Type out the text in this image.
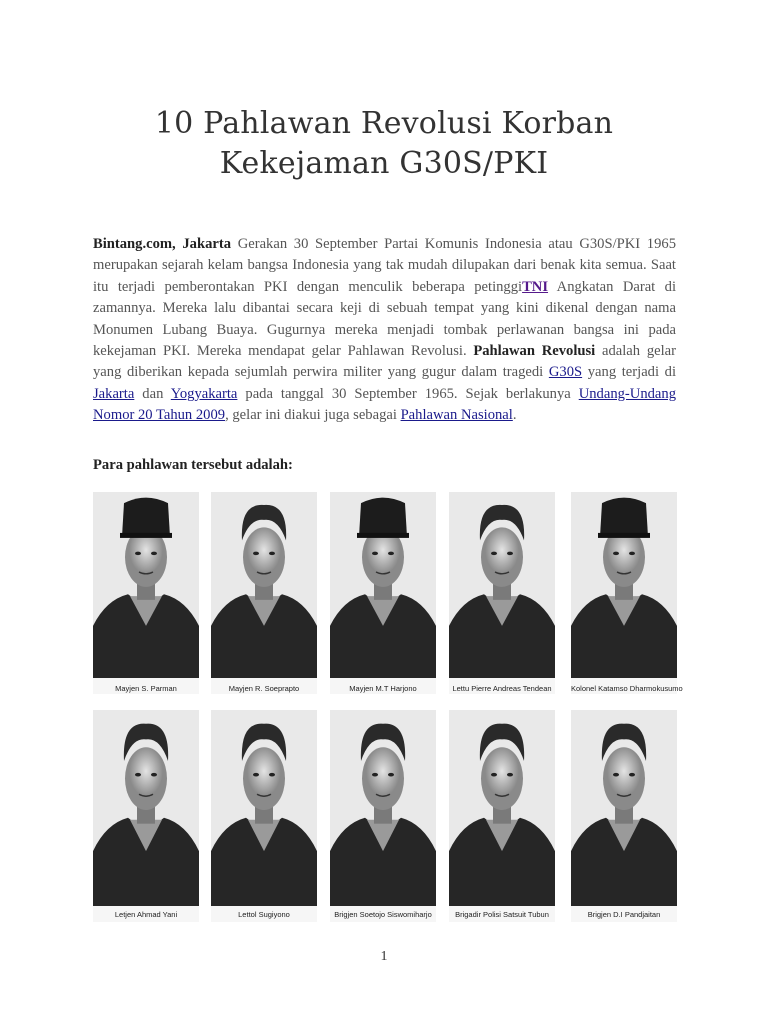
10 Pahlawan Revolusi Korban
Kekejaman G30S/PKI

Bintang.com, Jakarta Gerakan 30 September Partai Komunis Indonesia atau G30S/PKI 1965 merupakan sejarah kelam bangsa Indonesia yang tak mudah dilupakan dari benak kita semua. Saat itu terjadi pemberontakan PKI dengan menculik beberapa petinggiTNI Angkatan Darat di zamannya. Mereka lalu dibantai secara keji di sebuah tempat yang kini dikenal dengan nama Monumen Lubang Buaya. Gugurnya mereka menjadi tombak perlawanan bangsa ini pada kekejaman PKI. Mereka mendapat gelar Pahlawan Revolusi. Pahlawan Revolusi adalah gelar yang diberikan kepada sejumlah perwira militer yang gugur dalam tragedi G30S yang terjadi di Jakarta dan Yogyakarta pada tanggal 30 September 1965. Sejak berlakunya Undang-Undang Nomor 20 Tahun 2009, gelar ini diakui juga sebagai Pahlawan Nasional.

Para pahlawan tersebut adalah:

Mayjen S. Parman	Mayjen R. Soeprapto	Mayjen M.T Harjono	Lettu Pierre Andreas Tendean	Kolonel Katamso Dharmokusumo
Letjen Ahmad Yani	Lettol Sugiyono	Brigjen Soetojo Siswomiharjo	Brigadir Polisi Satsuit Tubun	Brigjen D.I Pandjaitan
1
